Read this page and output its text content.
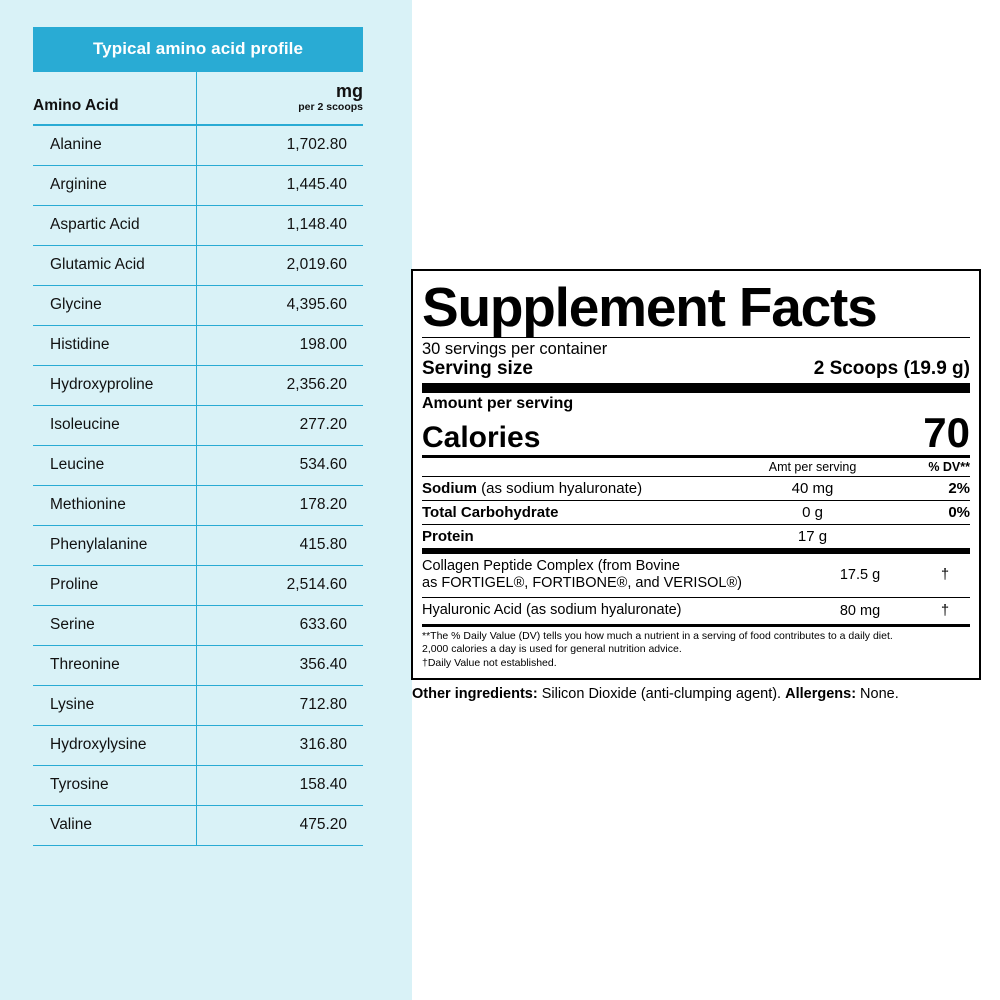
Typical amino acid profile
Amino Acid	mg
per 2 scoops

Alanine	1,702.80
Arginine	1,445.40
Aspartic Acid	1,148.40
Glutamic Acid	2,019.60
Glycine	4,395.60
Histidine	198.00
Hydroxyproline	2,356.20
Isoleucine	277.20
Leucine	534.60
Methionine	178.20
Phenylalanine	415.80
Proline	2,514.60
Serine	633.60
Threonine	356.40
Lysine	712.80
Hydroxylysine	316.80
Tyrosine	158.40
Valine	475.20
Supplement Facts
30 servings per container
Serving size	2 Scoops (19.9 g)
Amount per serving
Calories	70
Amt per serving	% DV**
Sodium (as sodium hyaluronate)	40 mg	2%
Total Carbohydrate	0 g	0%
Protein	17 g
Collagen Peptide Complex (from Bovine
as FORTIGEL®, FORTIBONE®, and VERISOL®)	17.5 g	†
Hyaluronic Acid (as sodium hyaluronate)	80 mg	†
**The % Daily Value (DV) tells you how much a nutrient in a serving of food contributes to a daily diet.
2,000 calories a day is used for general nutrition advice.
†Daily Value not established.
Other ingredients: Silicon Dioxide (anti-clumping agent). Allergens: None.
